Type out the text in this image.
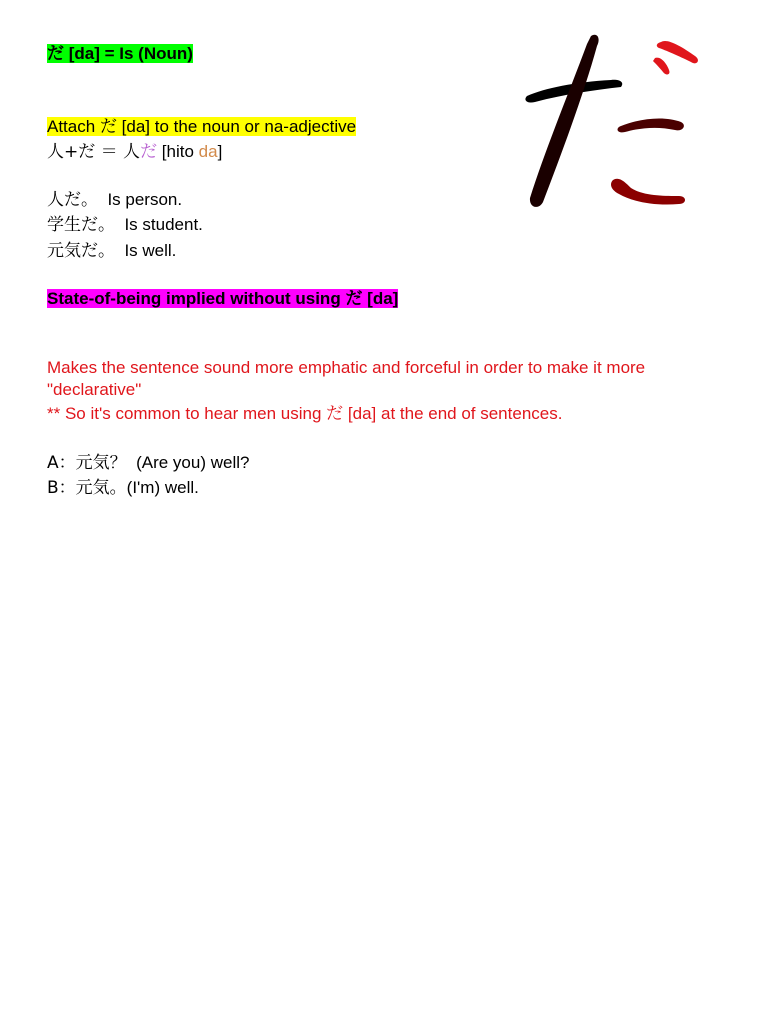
だ [da] = Is (Noun)
Attach だ [da] to the noun or na-adjective
人+だ ＝ 人だ [hito da]
人だ。 Is person.
学生だ。 Is student.
元気だ。 Is well.
State-of-being implied without using だ [da]
Makes the sentence sound more emphatic and forceful in order to make it more "declarative"
** So it's common to hear men using だ [da] at the end of sentences.
A：元気？ (Are you) well?
B：元気。(I'm) well.
